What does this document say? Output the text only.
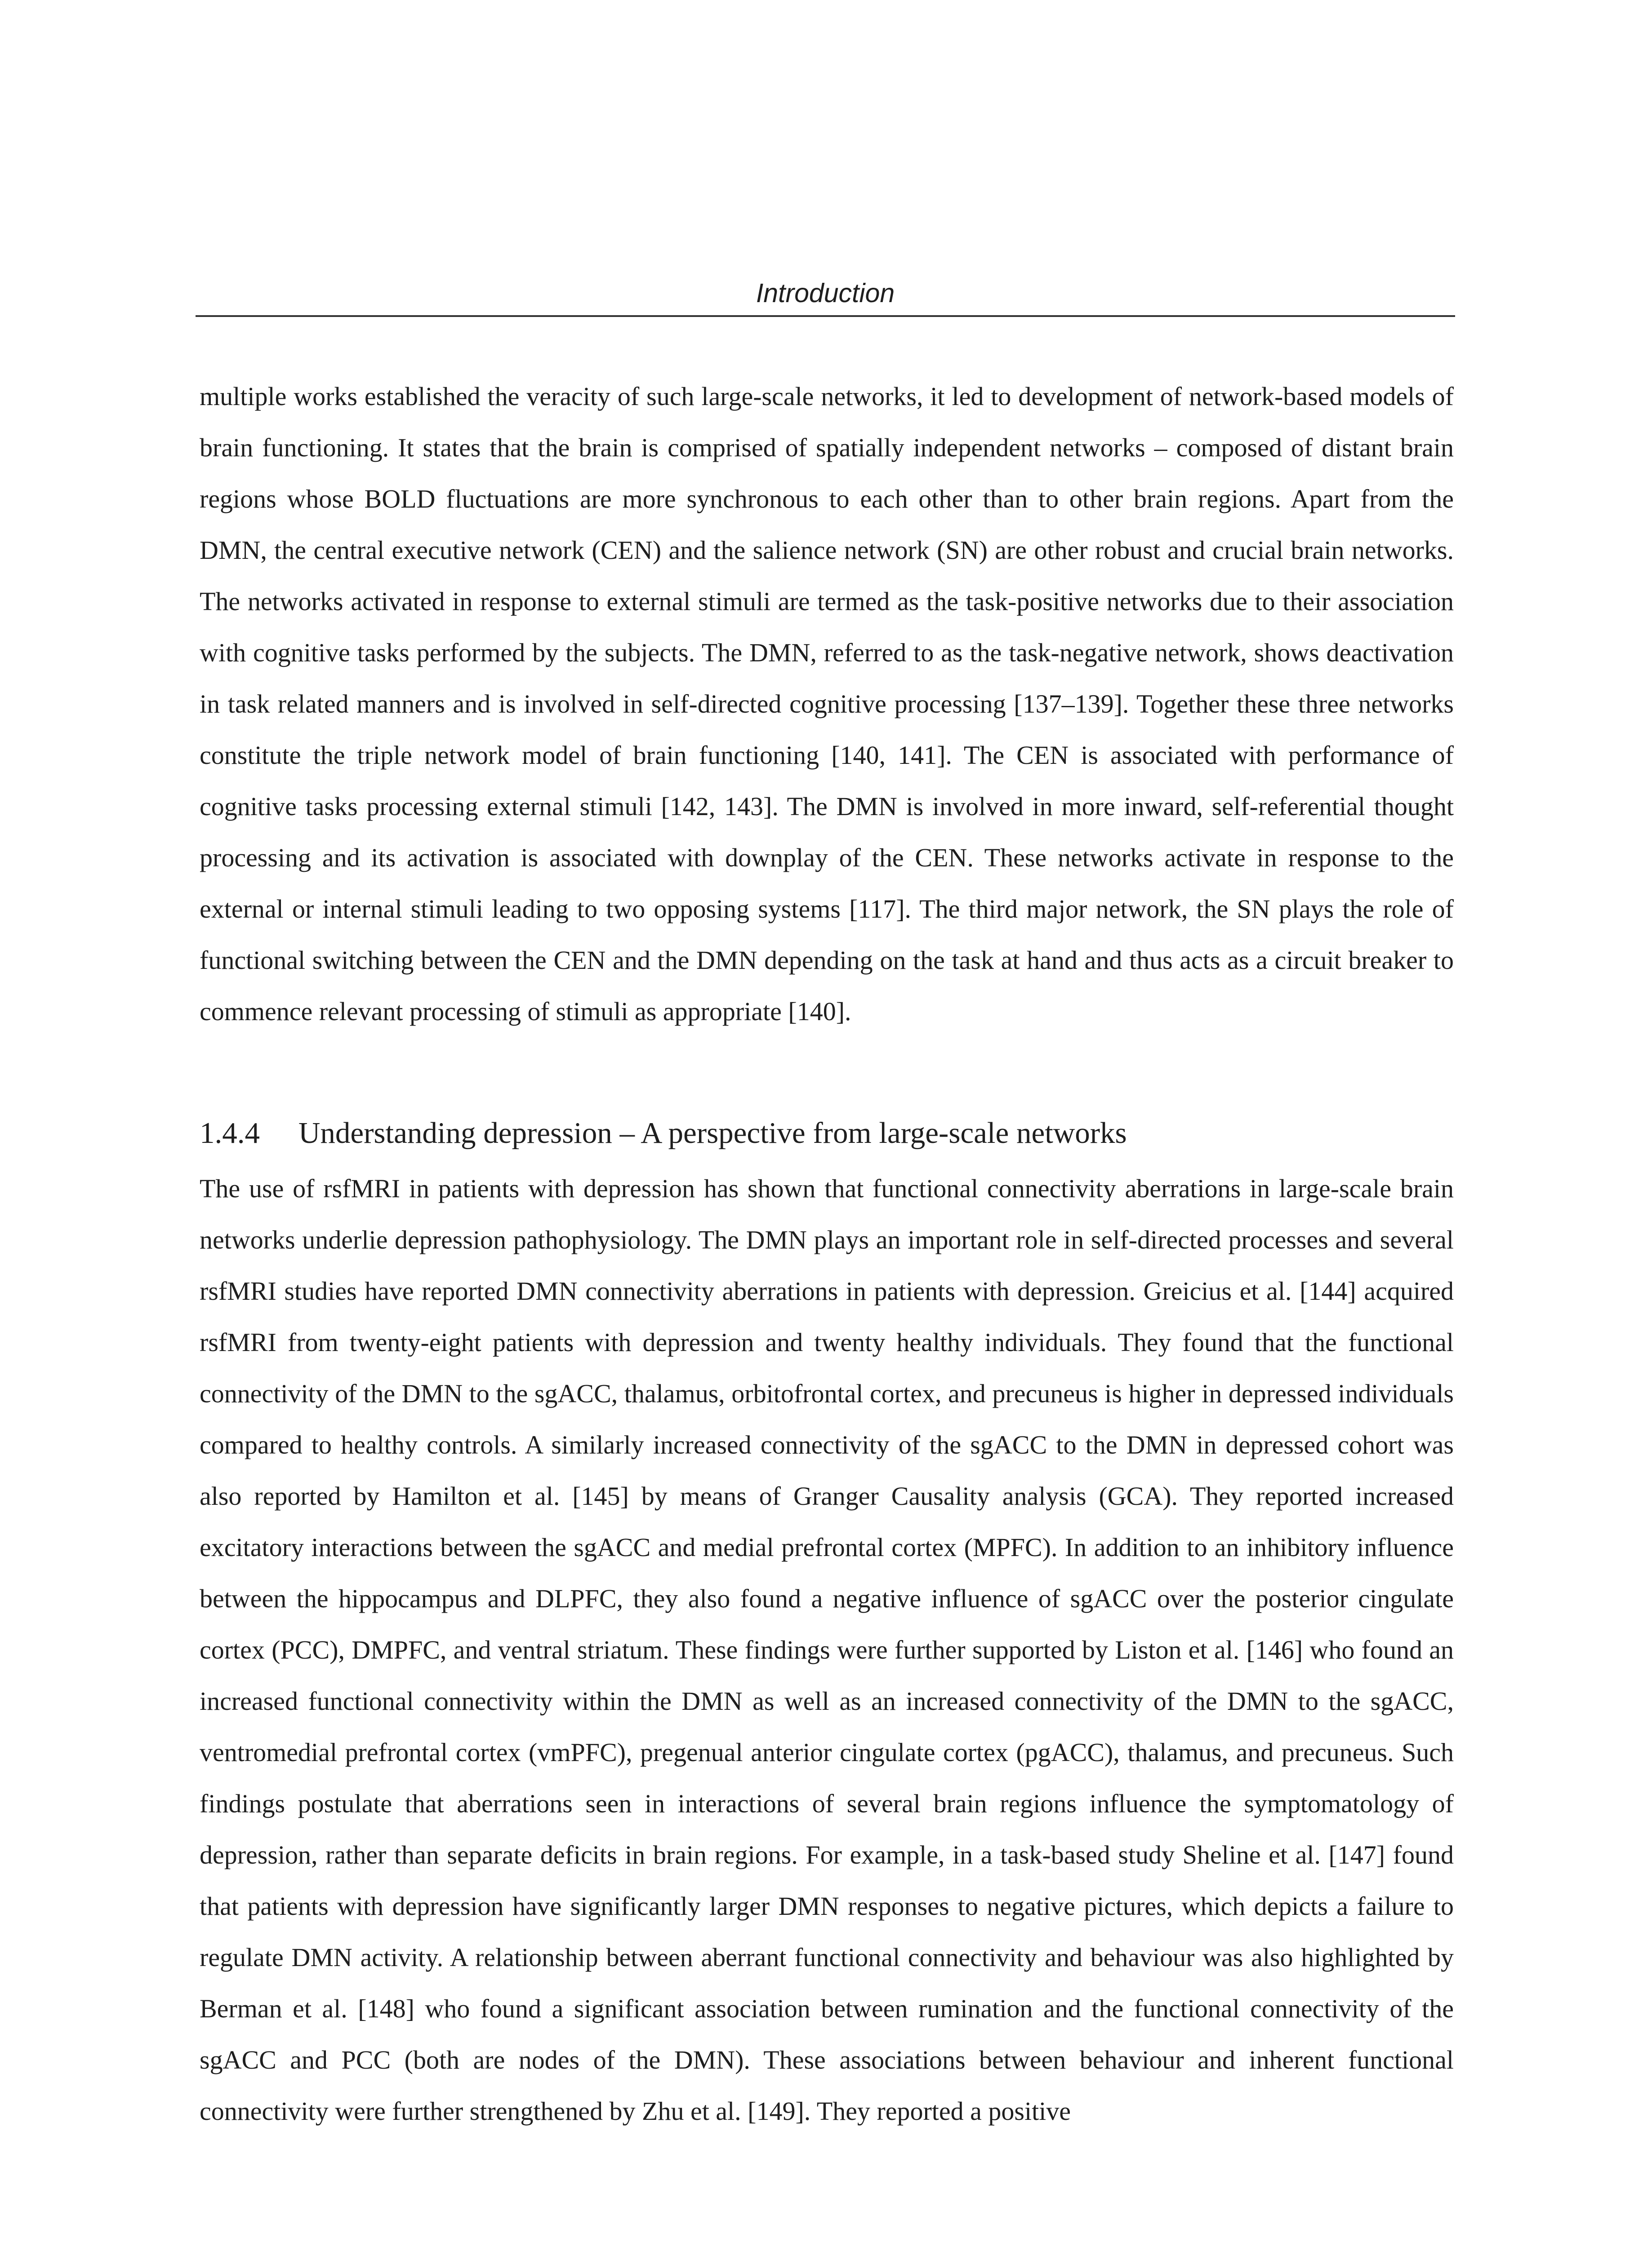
Introduction

multiple works established the veracity of such large-scale networks, it led to development of network-based models of brain functioning. It states that the brain is comprised of spatially independent networks – composed of distant brain regions whose BOLD fluctuations are more synchronous to each other than to other brain regions. Apart from the DMN, the central executive network (CEN) and the salience network (SN) are other robust and crucial brain networks. The networks activated in response to external stimuli are termed as the task-positive networks due to their association with cognitive tasks performed by the subjects. The DMN, referred to as the task-negative network, shows deactivation in task related manners and is involved in self-directed cognitive processing [137–139]. Together these three networks constitute the triple network model of brain functioning [140, 141]. The CEN is associated with performance of cognitive tasks processing external stimuli [142, 143]. The DMN is involved in more inward, self-referential thought processing and its activation is associated with downplay of the CEN. These networks activate in response to the external or internal stimuli leading to two opposing systems [117]. The third major network, the SN plays the role of functional switching between the CEN and the DMN depending on the task at hand and thus acts as a circuit breaker to commence relevant processing of stimuli as appropriate [140].

1.4.4 Understanding depression – A perspective from large-scale networks

The use of rsfMRI in patients with depression has shown that functional connectivity aberrations in large-scale brain networks underlie depression pathophysiology. The DMN plays an important role in self-directed processes and several rsfMRI studies have reported DMN connectivity aberrations in patients with depression. Greicius et al. [144] acquired rsfMRI from twenty-eight patients with depression and twenty healthy individuals. They found that the functional connectivity of the DMN to the sgACC, thalamus, orbitofrontal cortex, and precuneus is higher in depressed individuals compared to healthy controls. A similarly increased connectivity of the sgACC to the DMN in depressed cohort was also reported by Hamilton et al. [145] by means of Granger Causality analysis (GCA). They reported increased excitatory interactions between the sgACC and medial prefrontal cortex (MPFC). In addition to an inhibitory influence between the hippocampus and DLPFC, they also found a negative influence of sgACC over the posterior cingulate cortex (PCC), DMPFC, and ventral striatum. These findings were further supported by Liston et al. [146] who found an increased functional connectivity within the DMN as well as an increased connectivity of the DMN to the sgACC, ventromedial prefrontal cortex (vmPFC), pregenual anterior cingulate cortex (pgACC), thalamus, and precuneus. Such findings postulate that aberrations seen in interactions of several brain regions influence the symptomatology of depression, rather than separate deficits in brain regions. For example, in a task-based study Sheline et al. [147] found that patients with depression have significantly larger DMN responses to negative pictures, which depicts a failure to regulate DMN activity. A relationship between aberrant functional connectivity and behaviour was also highlighted by Berman et al. [148] who found a significant association between rumination and the functional connectivity of the sgACC and PCC (both are nodes of the DMN). These associations between behaviour and inherent functional connectivity were further strengthened by Zhu et al. [149]. They reported a positive
